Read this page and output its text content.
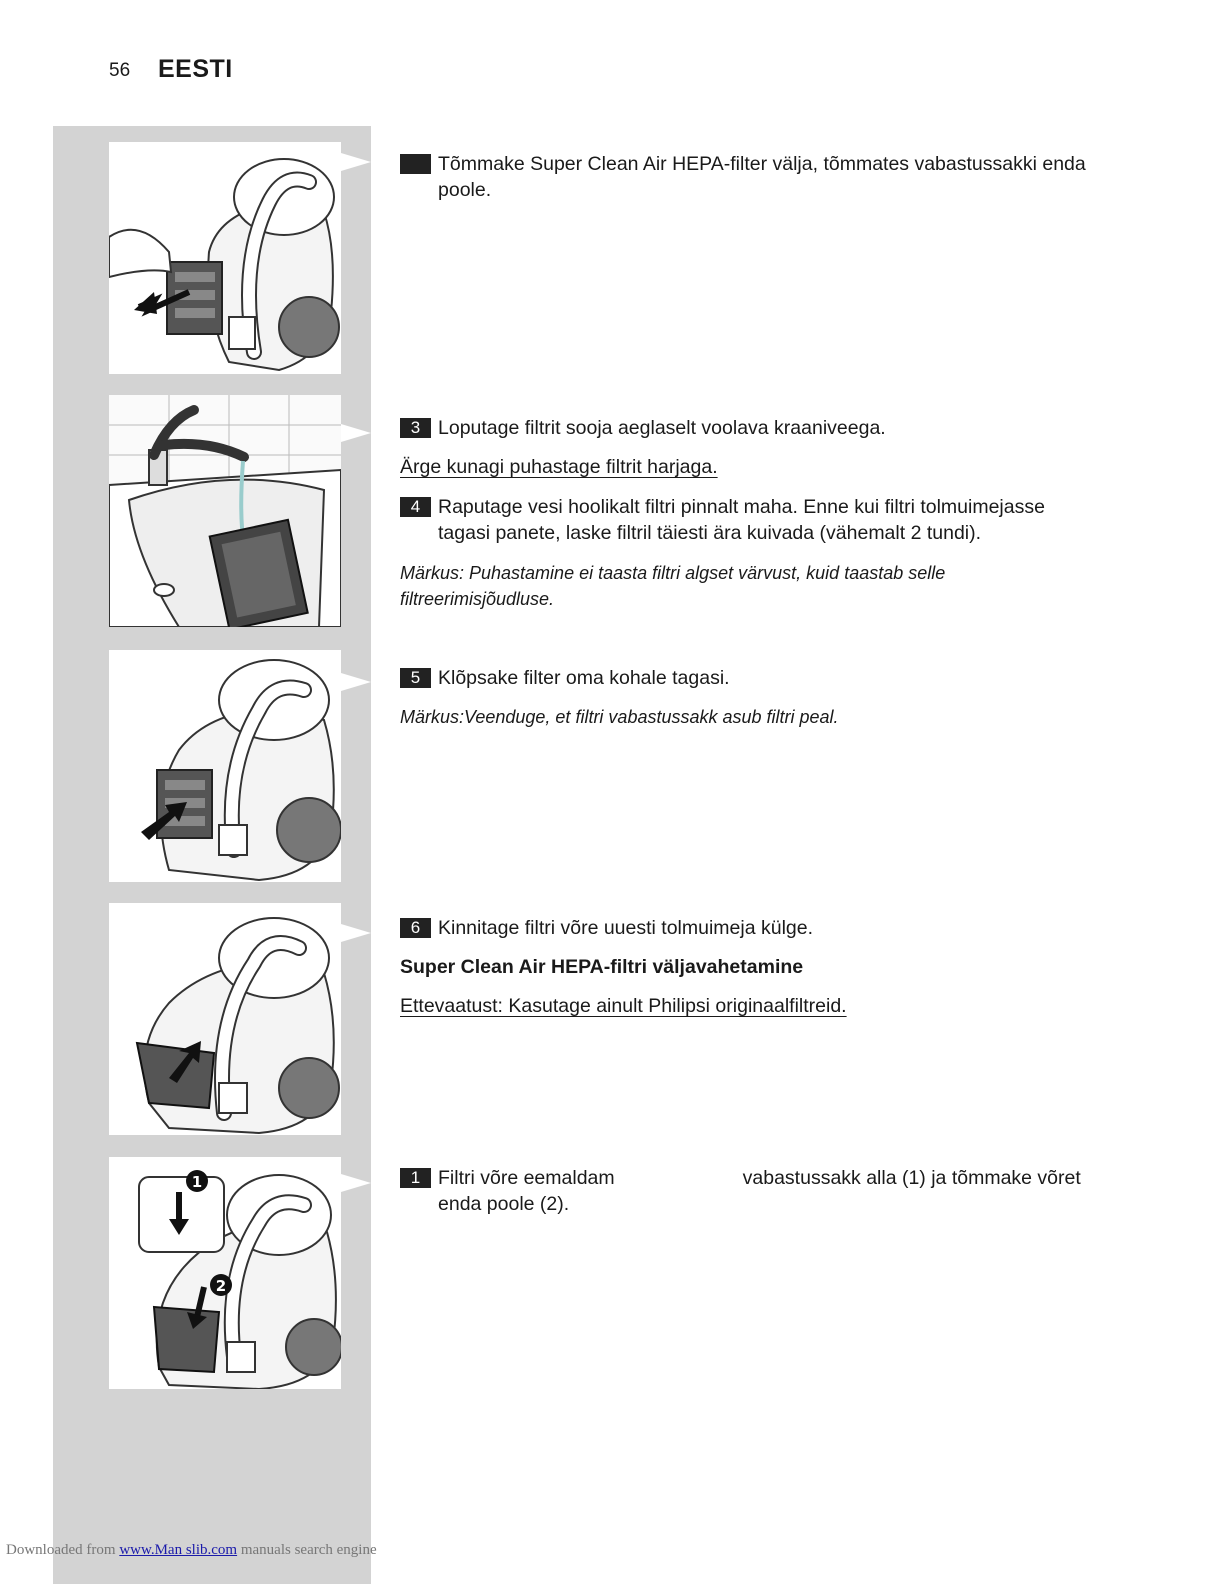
56 EESTI
1
2
Tõmmake Super Clean Air HEPA-filter välja, tõmmates vabastussakki enda poole.
3 Loputage filtrit sooja aeglaselt voolava kraaniveega.
Ärge kunagi puhastage filtrit harjaga.
4 Raputage vesi hoolikalt filtri pinnalt maha. Enne kui filtri tolmuimejasse tagasi panete, laske filtril täiesti ära kuivada (vähemalt 2 tundi).
Märkus: Puhastamine ei taasta filtri algset värvust, kuid taastab selle filtreerimisjõudluse.
5 Klõpsake filter oma kohale tagasi.
Märkus:Veenduge, et filtri vabastussakk asub filtri peal.
6 Kinnitage filtri võre uuesti tolmuimeja külge.
Super Clean Air HEPA-filtri väljavahetamine
Ettevaatust: Kasutage ainult Philipsi originaalfiltreid.
1 Filtri võre eemaldam	vabastussakk alla (1) ja tõmmake võret enda poole (2).
Downloaded from www.Man slib.com manuals search engine
